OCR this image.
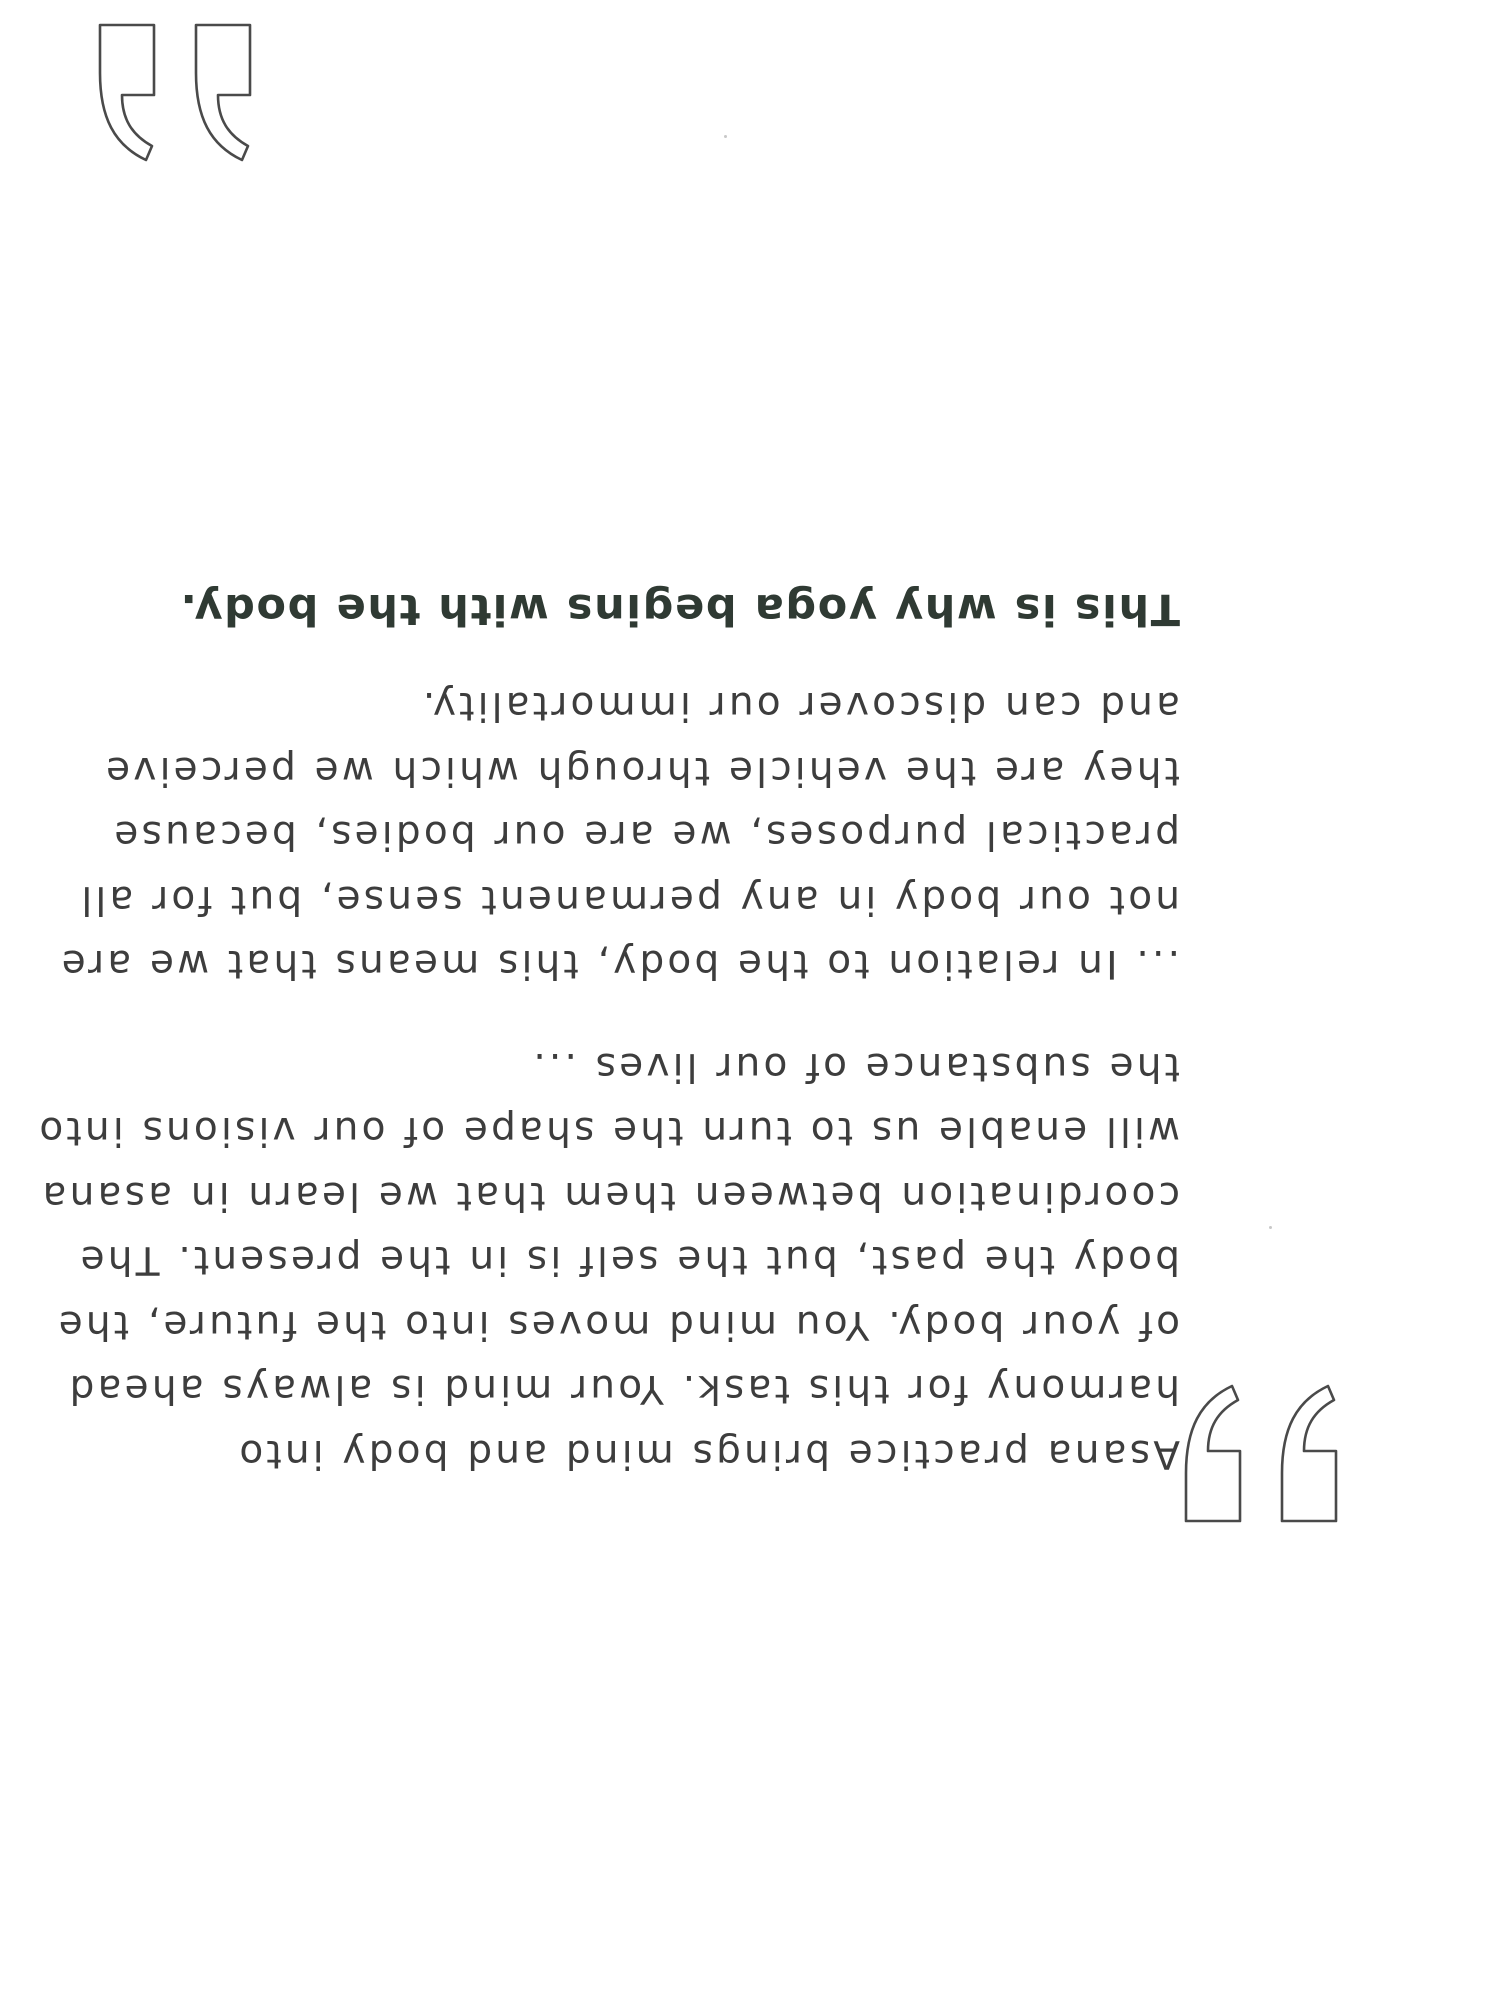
Asana practice brings mind and body into
harmony for this task. Your mind is always ahead
of your body. You mind moves into the future, the
body the past, but the self is in the present. The
coordination between them that we learn in asana
will enable us to turn the shape of our visions into
the substance of our lives ...

... In relation to the body, this means that we are
not our body in any permanent sense, but for all
practical purposes, we are our bodies, because
they are the vehicle through which we perceive
and can discover our immortality.

This is why yoga begins with the body.
